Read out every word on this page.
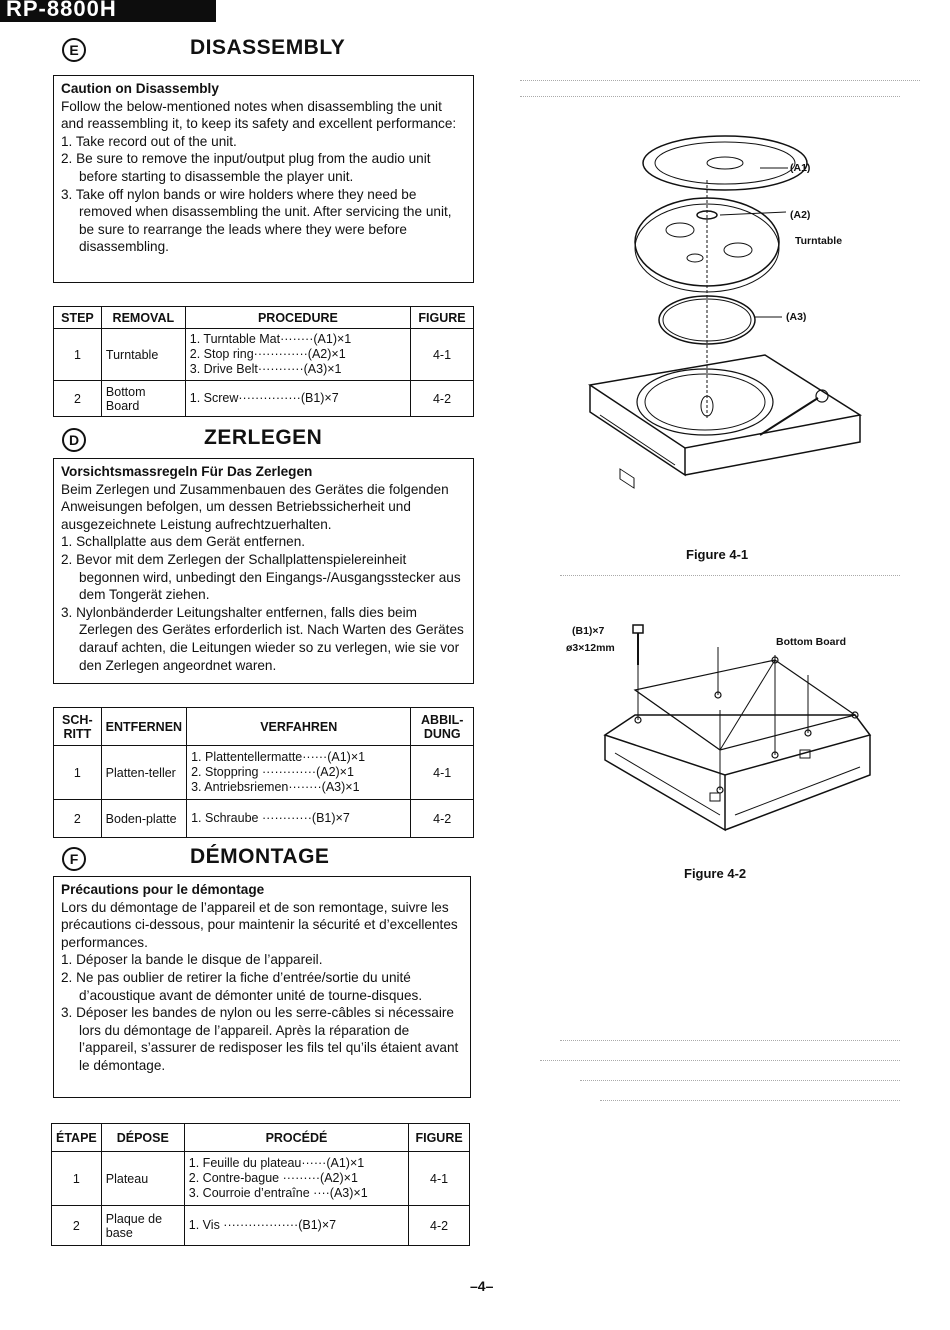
RP-8800H
E	DISASSEMBLY
Caution on Disassembly

Follow the below-mentioned notes when disassembling the unit and reassembling it, to keep its safety and excellent performance:

1. Take record out of the unit.
2. Be sure to remove the input/output plug from the audio unit before starting to disassemble the player unit.
3. Take off nylon bands or wire holders where they need be removed when disassembling the unit. After servicing the unit, be sure to rearrange the leads where they were before disassembling.
STEP	REMOVAL	PROCEDURE	FIGURE
1	Turntable	1. Turntable Mat········(A1)×1
2. Stop ring·············(A2)×1
3. Drive Belt···········(A3)×1	4-1
2	Bottom Board	1. Screw···············(B1)×7	4-2
D	ZERLEGEN
Vorsichtsmassregeln Für Das Zerlegen

Beim Zerlegen und Zusammenbauen des Gerätes die folgenden Anweisungen befolgen, um dessen Betriebssicherheit und ausgezeichnete Leistung aufrechtzuerhalten.

1. Schallplatte aus dem Gerät entfernen.
2. Bevor mit dem Zerlegen der Schallplattenspielereinheit begonnen wird, unbedingt den Eingangs-/Ausgangsstecker aus dem Tongerät ziehen.
3. Nylonbänderder Leitungshalter entfernen, falls dies beim Zerlegen des Gerätes erforderlich ist. Nach Warten des Gerätes darauf achten, die Leitungen wieder so zu verlegen, wie sie vor den Zerlegen angeordnet waren.
SCH-RITT	ENTFERNEN	VERFAHREN	ABBIL-DUNG
1	Platten-teller	1. Plattentellermatte······(A1)×1
2. Stoppring ·············(A2)×1
3. Antriebsriemen········(A3)×1	4-1
2	Boden-platte	1. Schraube ············(B1)×7	4-2
F	DÉMONTAGE
Précautions pour le démontage

Lors du démontage de l’appareil et de son remontage, suivre les précautions ci-dessous, pour maintenir la sécurité et d’excellentes performances.

1. Déposer la bande le disque de l’appareil.
2. Ne pas oublier de retirer la fiche d’entrée/sortie du unité d’acoustique avant de démonter unité de tourne-disques.
3. Déposer les bandes de nylon ou les serre-câbles si nécessaire lors du démontage de l’appareil. Après la réparation de l’appareil, s’assurer de redisposer les fils tel qu’ils étaient avant le démontage.
ÉTAPE	DÉPOSE	PROCÉDÉ	FIGURE
1	Plateau	1. Feuille du plateau······(A1)×1
2. Contre-bague ·········(A2)×1
3. Courroie d’entraîne ····(A3)×1	4-1
2	Plaque de base	1. Vis ··················(B1)×7	4-2
(A1)
(A2)
Turntable
(A3)
Figure 4-1
(B1)×7
ø3×12mm	Bottom Board
Figure 4-2
–4–
